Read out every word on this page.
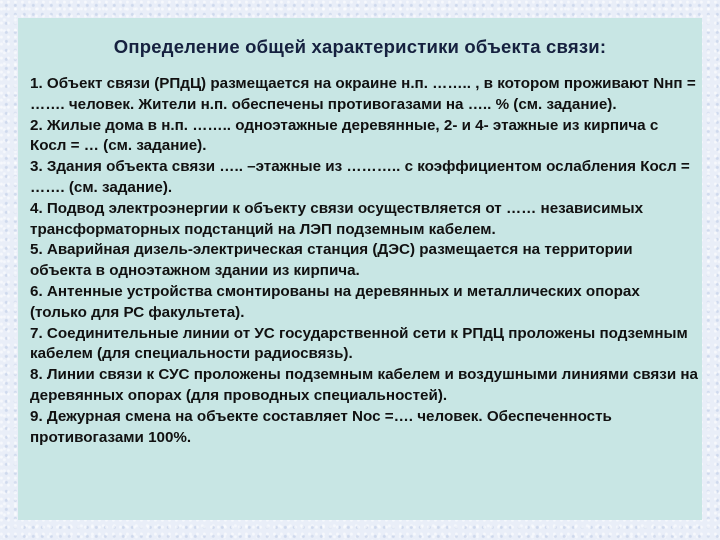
Определение общей характеристики объекта связи:
1. Объект связи (РПдЦ) размещается на окраине н.п. …….. , в котором проживают Nнп = ……. человек. Жители н.п. обеспечены противогазами на ….. % (см. задание).
2. Жилые дома в н.п. …….. одноэтажные деревянные, 2- и 4- этажные из кирпича с Косл = … (см. задание).
3. Здания объекта связи ….. –этажные из ……….. с коэффициентом ослабления Косл = ……. (см. задание).
4. Подвод электроэнергии к объекту связи осуществляется от …… независимых трансформаторных подстанций на ЛЭП подземным кабелем.
5. Аварийная дизель-электрическая станция (ДЭС) размещается на территории объекта в одноэтажном здании из кирпича.
6. Антенные устройства смонтированы на деревянных и металлических опорах (только для РС факультета).
7. Соединительные линии от УС государственной сети к РПдЦ проложены подземным кабелем (для специальности радиосвязь).
8. Линии связи к СУС проложены подземным кабелем и воздушными линиями связи на деревянных опорах (для проводных специальностей).
9. Дежурная смена на объекте составляет Nос =…. человек. Обеспеченность противогазами 100%.
